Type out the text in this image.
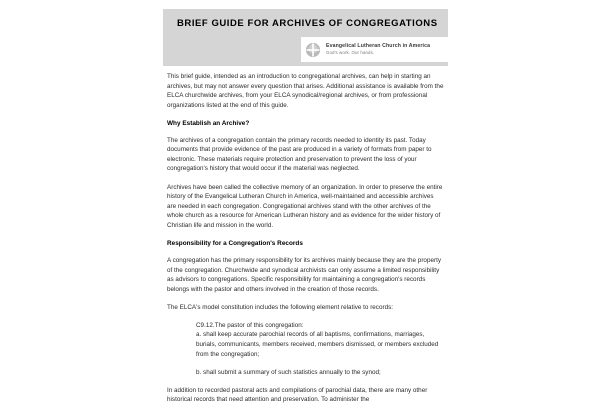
BRIEF GUIDE FOR ARCHIVES OF CONGREGATIONS
Evangelical Lutheran Church in America
God's work. Our hands.

This brief guide, intended as an introduction to congregational archives, can help in starting an archives, but may not answer every question that arises. Additional assistance is available from the ELCA churchwide archives, from your ELCA synodical/regional archives, or from professional organizations listed at the end of this guide.

Why Establish an Archive?

The archives of a congregation contain the primary records needed to identity its past. Today documents that provide evidence of the past are produced in a variety of formats from paper to electronic. These materials require protection and preservation to prevent the loss of your congregation's history that would occur if the material was neglected.

Archives have been called the collective memory of an organization. In order to preserve the entire history of the Evangelical Lutheran Church in America, well-maintained and accessible archives are needed in each congregation. Congregational archives stand with the other archives of the whole church as a resource for American Lutheran history and as evidence for the wider history of Christian life and mission in the world.

Responsibility for a Congregation's Records

A congregation has the primary responsibility for its archives mainly because they are the property of the congregation. Churchwide and synodical archivists can only assume a limited responsibility as advisors to congregations. Specific responsibility for maintaining a congregation's records belongs with the pastor and others involved in the creation of those records.

The ELCA's model constitution includes the following element relative to records:

C9.12.The pastor of this congregation:

a. shall keep accurate parochial records of all baptisms, confirmations, marriages, burials, communicants, members received, members dismissed, or members excluded from the congregation;

b. shall submit a summary of such statistics annually to the synod;

In addition to recorded pastoral acts and compilations of parochial data, there are many other historical records that need attention and preservation. To administer the
